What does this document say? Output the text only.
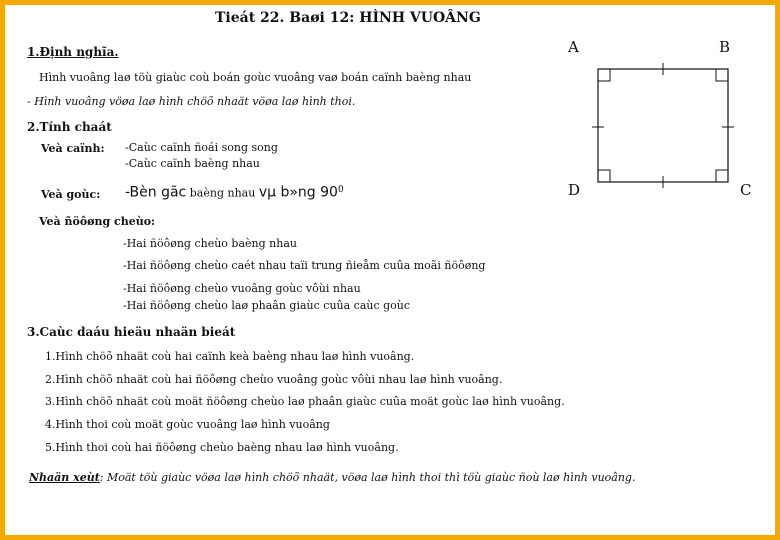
Tieát 22. Baøi 12: HÌNH VUOÂNG
1.Định nghĩa.
Hình vuoâng laø töù giaùc coù boán goùc vuoâng vaø boán caïnh baèng nhau
- Hình vuoâng vöøa laø hình chöõ nhaät vöøa laø hình thoi.
2.Tính chaát
Veà caïnh: -Caùc caïnh ñoái song song
-Caùc caïnh baèng nhau
Veà goùc: -Bèn gãc baèng nhau vµ b»ng $90^0$
Veà ñöôøng cheùo:
-Hai ñöôøng cheùo baèng nhau
-Hai ñöôøng cheùo caét nhau taïi trung ñieåm cuûa moãi ñöôøng
-Hai ñöôøng cheùo vuoâng goùc vôùi nhau
-Hai ñöôøng cheùo laø phaân giaùc cuûa caùc goùc
3.Caùc daáu hieäu nhaän bieát
1.Hình chöõ nhaät coù hai caïnh keà baèng nhau laø hình vuoâng.
2.Hình chöõ nhaät coù hai ñöôøng cheùo vuoâng goùc vôùi nhau laø hình vuoâng.
3.Hình chöõ nhaät coù moät ñöôøng cheùo laø phaân giaùc cuûa moät goùc laø hình vuoâng.
4.Hình thoi coù moät goùc vuoâng laø hình vuoâng
5.Hình thoi coù hai ñöôøng cheùo baèng nhau laø hình vuoâng.
Nhaän xeùt: Moät töù giaùc vöøa laø hình chöõ nhaät, vöøa laø hình thoi thì töù giaùc ñoù laø hình vuoâng.
A	B
D	C
